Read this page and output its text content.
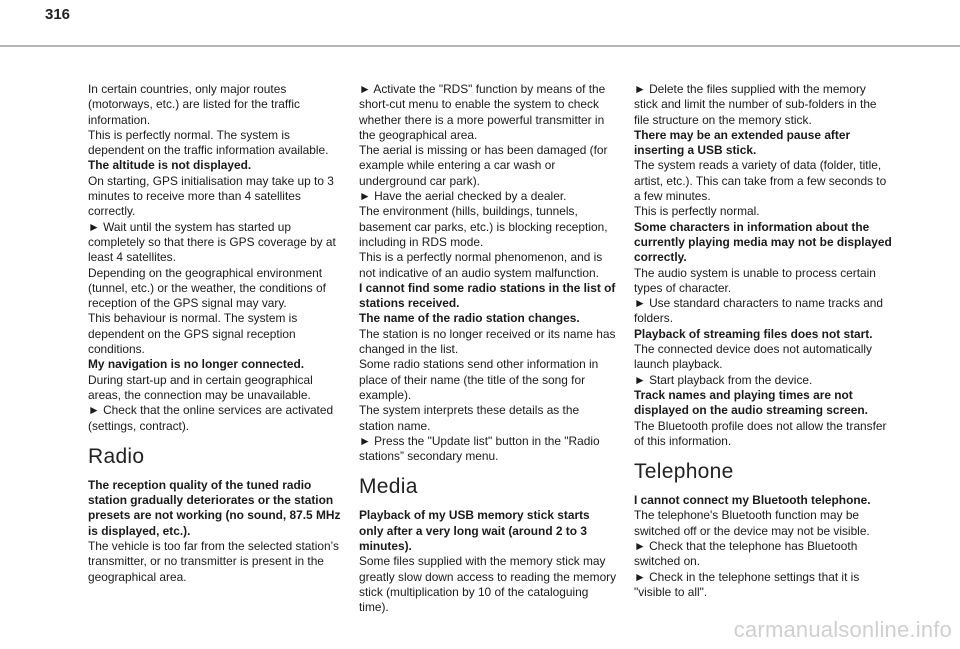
316

In certain countries, only major routes (motorways, etc.) are listed for the traffic information.

This is perfectly normal. The system is dependent on the traffic information available.

The altitude is not displayed.

On starting, GPS initialisation may take up to 3 minutes to receive more than 4 satellites correctly.

► Wait until the system has started up completely so that there is GPS coverage by at least 4 satellites.

Depending on the geographical environment (tunnel, etc.) or the weather, the conditions of reception of the GPS signal may vary.

This behaviour is normal. The system is dependent on the GPS signal reception conditions.

My navigation is no longer connected.

During start-up and in certain geographical areas, the connection may be unavailable.

► Check that the online services are activated (settings, contract).

Radio

The reception quality of the tuned radio station gradually deteriorates or the station presets are not working (no sound, 87.5 MHz is displayed, etc.).

The vehicle is too far from the selected station’s transmitter, or no transmitter is present in the geographical area.

► Activate the "RDS" function by means of the short-cut menu to enable the system to check whether there is a more powerful transmitter in the geographical area.

The aerial is missing or has been damaged (for example while entering a car wash or underground car park).

► Have the aerial checked by a dealer.

The environment (hills, buildings, tunnels, basement car parks, etc.) is blocking reception, including in RDS mode.

This is a perfectly normal phenomenon, and is not indicative of an audio system malfunction.

I cannot find some radio stations in the list of stations received.

The name of the radio station changes.

The station is no longer received or its name has changed in the list.

Some radio stations send other information in place of their name (the title of the song for example).

The system interprets these details as the station name.

► Press the "Update list" button in the "Radio stations” secondary menu.

Media

Playback of my USB memory stick starts only after a very long wait (around 2 to 3 minutes).

Some files supplied with the memory stick may greatly slow down access to reading the memory stick (multiplication by 10 of the cataloguing time).

► Delete the files supplied with the memory stick and limit the number of sub-folders in the file structure on the memory stick.

There may be an extended pause after inserting a USB stick.

The system reads a variety of data (folder, title, artist, etc.). This can take from a few seconds to a few minutes.

This is perfectly normal.

Some characters in information about the currently playing media may not be displayed correctly.

The audio system is unable to process certain types of character.

► Use standard characters to name tracks and folders.

Playback of streaming files does not start.

The connected device does not automatically launch playback.

► Start playback from the device.

Track names and playing times are not displayed on the audio streaming screen.

The Bluetooth profile does not allow the transfer of this information.

Telephone

I cannot connect my Bluetooth telephone.

The telephone's Bluetooth function may be switched off or the device may not be visible.

► Check that the telephone has Bluetooth switched on.

► Check in the telephone settings that it is "visible to all".

carmanualsonline.info
